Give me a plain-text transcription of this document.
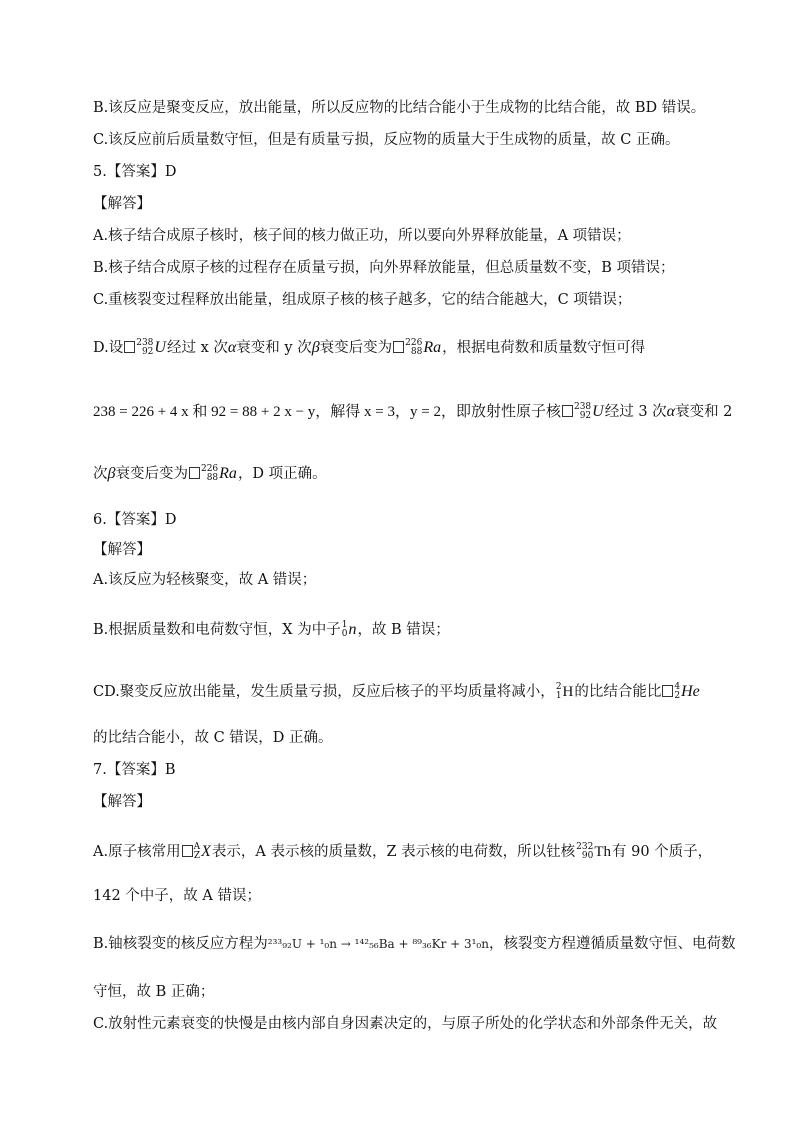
B.该反应是聚变反应，放出能量，所以反应物的比结合能小于生成物的比结合能，故 BD 错误。
C.该反应前后质量数守恒，但是有质量亏损，反应物的质量大于生成物的质量，故 C 正确。
5.【答案】D
【解答】
A.核子结合成原子核时，核子间的核力做正功，所以要向外界释放能量，A 项错误；
B.核子结合成原子核的过程存在质量亏损，向外界释放能量，但总质量数不变，B 项错误；
C.重核裂变过程释放出能量，组成原子核的核子越多，它的结合能越大，C 项错误；
D.设 238
92 U经过 x 次α衰变和 y 次β衰变后变为 226
88 Ra，根据电荷数和质量数守恒可得
238 = 226 + 4 x 和 92 = 88 + 2 x − y，解得 x = 3，y = 2，即放射性原子核 238
92 U经过 3 次α衰变和 2
次β衰变后变为 226
88 Ra，D 项正确。
6.【答案】D
【解答】
A.该反应为轻核聚变，故 A 错误；
B.根据质量数和电荷数守恒，X 为中子 1
0 n，故 B 错误；
CD.聚变反应放出能量，发生质量亏损，反应后核子的平均质量将减小， 2
1 H的比结合能比 4
2 He
的比结合能小，故 C 错误，D 正确。
7.【答案】B
【解答】
A.原子核常用 A
Z X表示，A 表示核的质量数，Z 表示核的电荷数，所以钍核 232
90 Th有 90 个质子，
142 个中子，故 A 错误；
B.铀核裂变的核反应方程为²³³₉₂U + ¹₀n → ¹⁴²₅₆Ba + ⁸⁹₃₆Kr + 3¹₀n，核裂变方程遵循质量数守恒、电荷数
守恒，故 B 正确；
C.放射性元素衰变的快慢是由核内部自身因素决定的，与原子所处的化学状态和外部条件无关，故
